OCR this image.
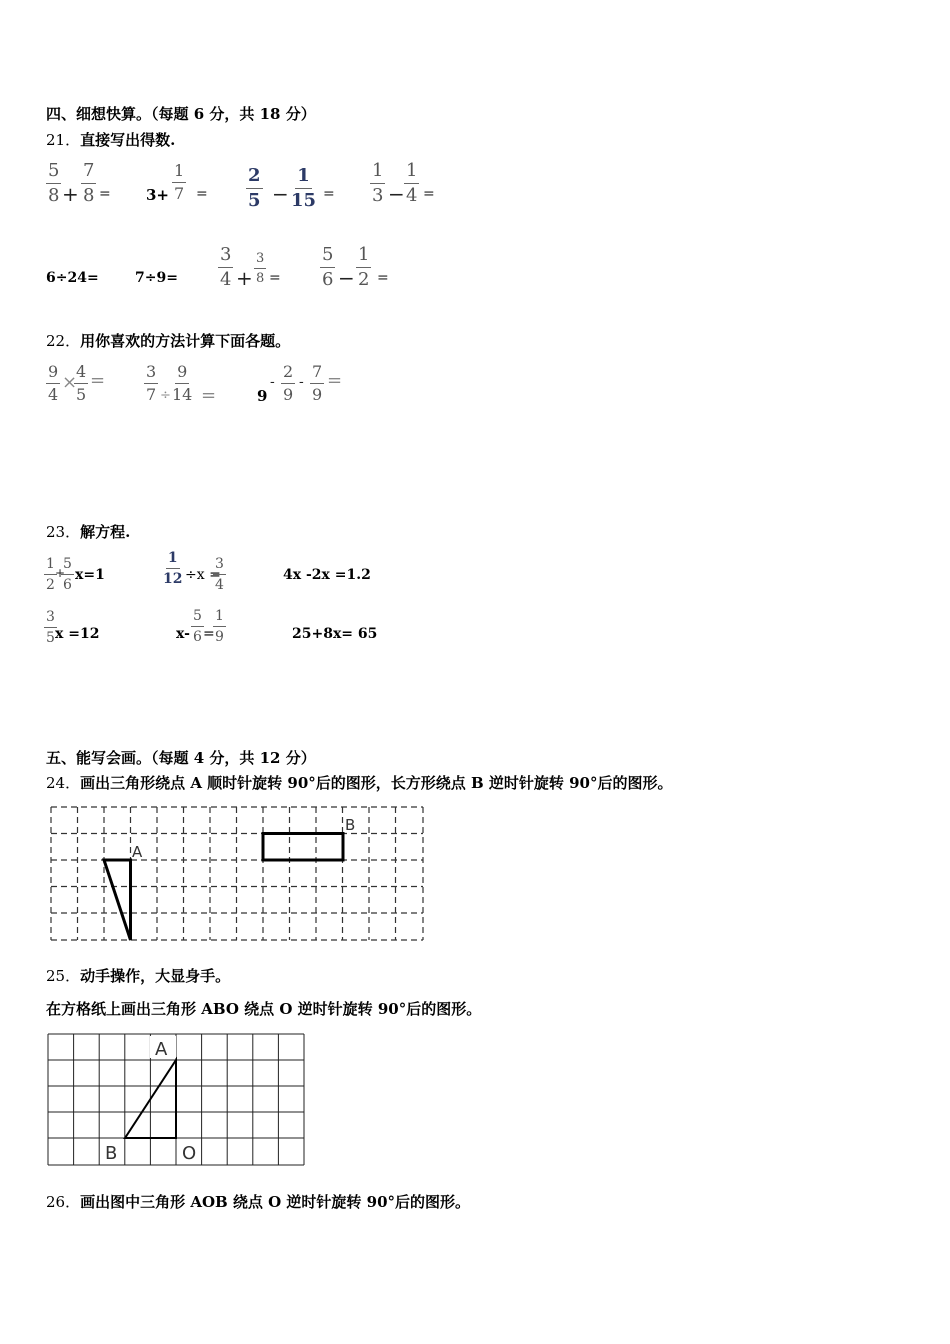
四、细想快算。（每题 6 分，共 18 分）
21．直接写出得数.
$\frac{5}{8} + \frac{7}{8} = 3+ \frac{1}{7} = \frac{2}{5} - \frac{1}{15} = \frac{1}{3} - \frac{1}{4}$ =
6÷24=	$7\div 9= \frac{3}{4} + \frac{3}{8} = \frac{5}{6} - \frac{1}{2}$ =
22．用你喜欢的方法计算下面各题。
$\frac{9}{4}$ ×
$\frac{4}{5} = \frac{3}{7} \div \frac{9}{14}$ =	9
- $\frac{2}{9} - \frac{7}{9}$ =
23．解方程.
$\frac{1}{2}$
+
$\frac{5}{6} x=1$	$\frac{1}{12} \div x$ =
$\frac{3}{4}$	4x -2x =1.2
$\frac{3}{5}$
x =12	$x- \frac{5}{6}$ =
$\frac{1}{9}$	25+8x= 65
五、能写会画。（每题 4 分，共 12 分）
24．画出三角形绕点 A 顺时针旋转 90°后的图形，长方形绕点 B 逆时针旋转 90°后的图形。
A
B
25．动手操作，大显身手。
在方格纸上画出三角形 ABO 绕点 O 逆时针旋转 90°后的图形。
A
B	O
26．画出图中三角形 AOB 绕点 O 逆时针旋转 90°后的图形。
